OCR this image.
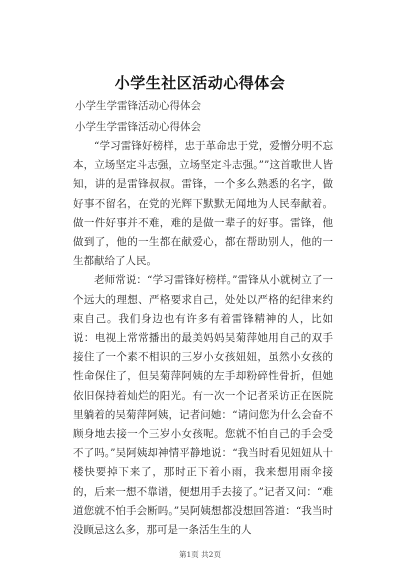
小学生社区活动心得体会
小学生学雷锋活动心得体会
小学生学雷锋活动心得体会

“学习雷锋好榜样，忠于革命忠于党，爱憎分明不忘本，立场坚定斗志强，立场坚定斗志强。””这首歌世人皆知，讲的是雷锋叔叔。雷锋，一个多么熟悉的名字，做好事不留名，在党的光辉下默默无闻地为人民奉献着。做一件好事并不难，难的是做一辈子的好事。雷锋，他做到了，他的一生都在献爱心，都在帮助别人，他的一生都献给了人民。

老师常说：“学习雷锋好榜样。”雷锋从小就树立了一个远大的理想、严格要求自己，处处以严格的纪律来约束自己。我们身边也有许多有着雷锋精神的人，比如说：电视上常常播出的最美妈妈吴菊萍她用自己的双手接住了一个素不相识的三岁小女孩妞妞，虽然小女孩的性命保住了，但吴菊萍阿姨的左手却粉碎性骨折，但她依旧保持着灿烂的阳光。有一次一个记者采访正在医院里躺着的吴菊萍阿姨，记者问她：“请问您为什么会奋不顾身地去接一个三岁小女孩呢。您就不怕自己的手会受不了吗。”吴阿姨却神情平静地说：“我当时看见妞妞从十楼快要掉下来了，那时正下着小雨，我来想用雨伞接的，后来一想不靠谱，便想用手去接了。”记者又问：“难道您就不怕手会断吗。”吴阿姨想都没想回答道：“我当时没顾忌这么多，那可是一条活生生的人

第1页 共2页
